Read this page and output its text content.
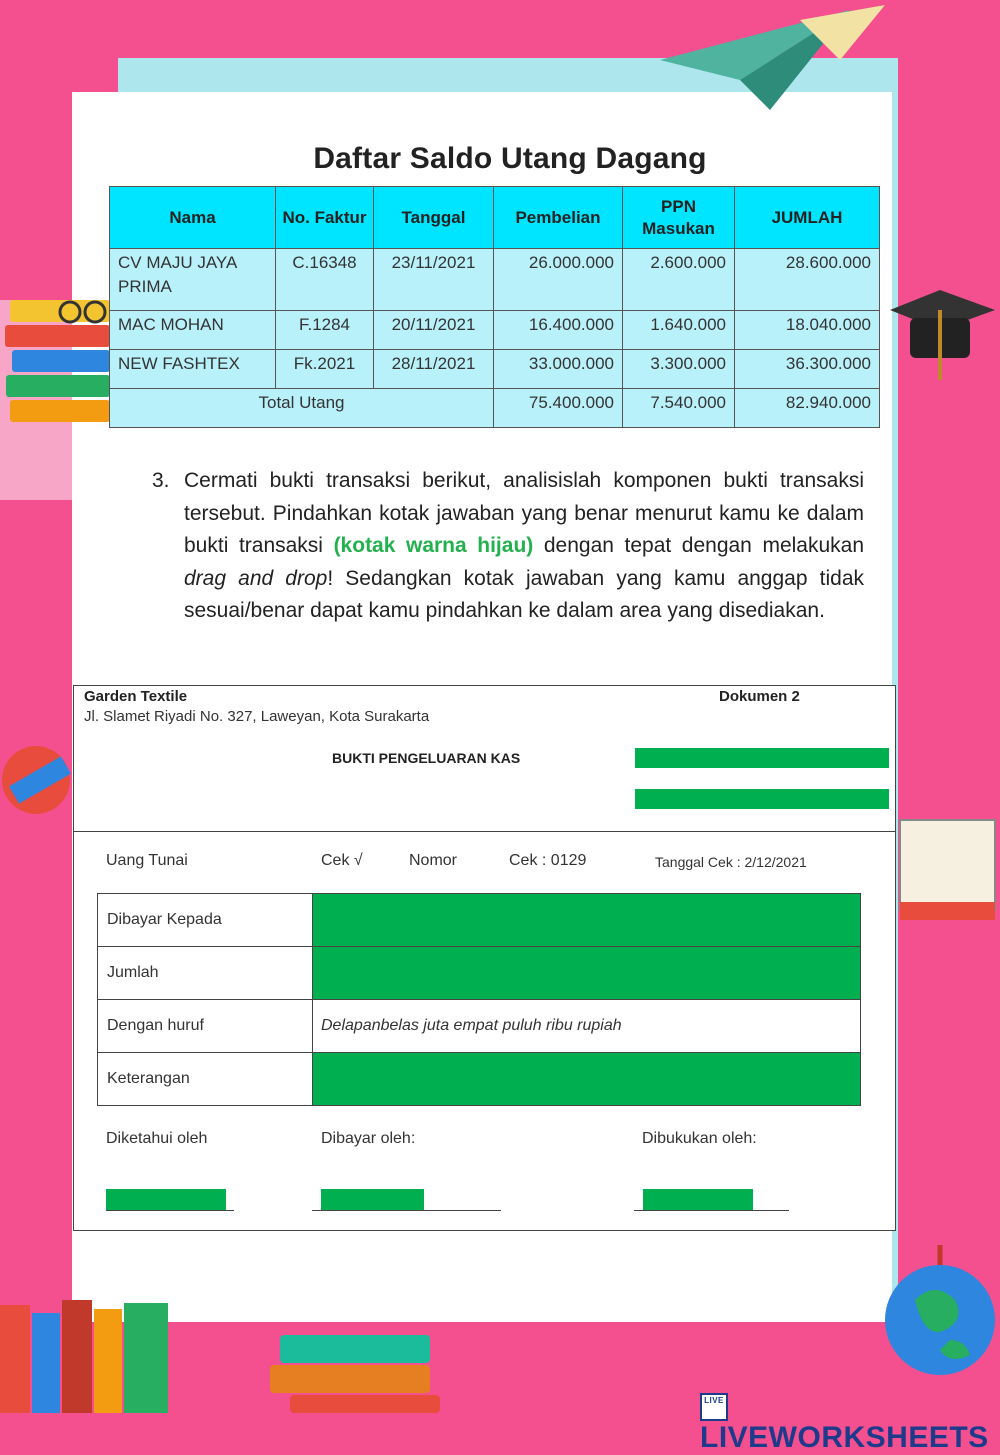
Daftar Saldo Utang Dagang
Nama	No. Faktur	Tanggal	Pembelian	PPN Masukan	JUMLAH
CV MAJU JAYA PRIMA	C.16348	23/11/2021	26.000.000	2.600.000	28.600.000
MAC MOHAN	F.1284	20/11/2021	16.400.000	1.640.000	18.040.000
NEW FASHTEX	Fk.2021	28/11/2021	33.000.000	3.300.000	36.300.000
Total Utang			75.400.000	7.540.000	82.940.000
3. Cermati bukti transaksi berikut, analisislah komponen bukti transaksi tersebut. Pindahkan kotak jawaban yang benar menurut kamu ke dalam bukti transaksi (kotak warna hijau) dengan tepat dengan melakukan drag and drop! Sedangkan kotak jawaban yang kamu anggap tidak sesuai/benar dapat kamu pindahkan ke dalam area yang disediakan.
Garden Textile
Jl. Slamet Riyadi No. 327, Laweyan, Kota Surakarta
Dokumen 2
BUKTI PENGELUARAN KAS
Uang Tunai	Cek √	Nomor	Cek : 0129	Tanggal Cek : 2/12/2021
Dibayar Kepada	
Jumlah	
Dengan huruf	Delapanbelas juta empat puluh ribu rupiah
Keterangan	
Diketahui oleh	Dibayar oleh:	Dibukukan oleh:
LIVELIVEWORKSHEETS
